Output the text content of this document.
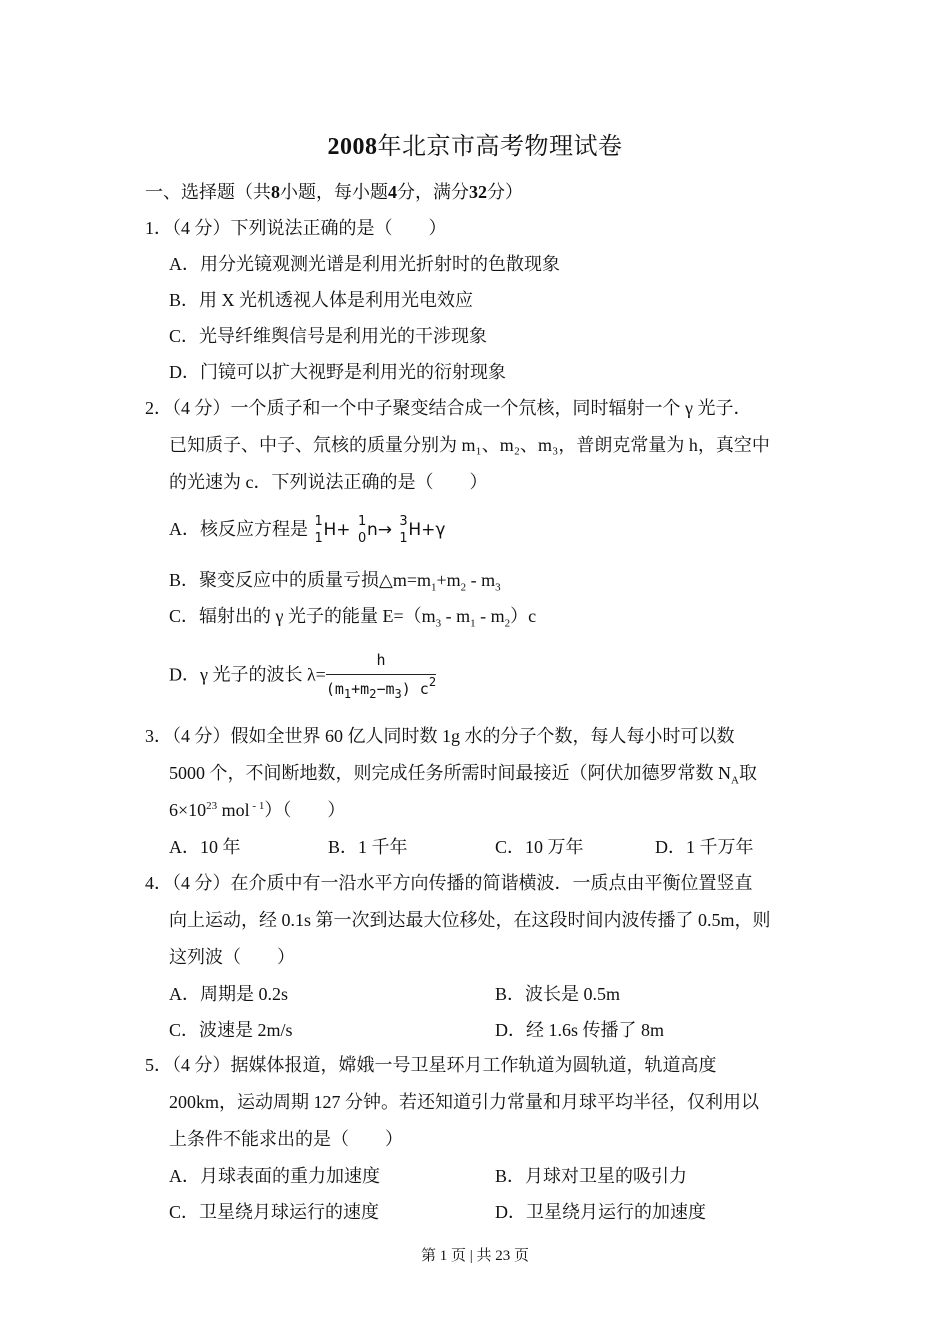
2008年北京市高考物理试卷
一、选择题（共8小题，每小题4分，满分32分）
1．（4 分）下列说法正确的是（　　）
A．用分光镜观测光谱是利用光折射时的色散现象
B．用 X 光机透视人体是利用光电效应
C．光导纤维舆信号是利用光的干涉现象
D．门镜可以扩大视野是利用光的衍射现象
2．（4 分）一个质子和一个中子聚变结合成一个氘核，同时辐射一个 γ 光子．
已知质子、中子、氘核的质量分别为 m₁、m₂、m₃，普朗克常量为 h，真空中
的光速为 c．下列说法正确的是（　　）
A．核反应方程是 1
1 H+ 1
0 n→ 3
1 H+γ
B．聚变反应中的质量亏损$\triangle m=m_1+m_2 - m_3$
C．辐射出的 γ 光子的能量 $E=(m_3 - m_1 - m_2)c$
D．γ 光子的波长 $\lambda= \frac{h}{(m_1+m_2-m_3) c^2}$
3．（4 分）假如全世界 60 亿人同时数 1g 水的分子个数，每人每小时可以数
5000 个，不间断地数，则完成任务所需时间最接近（阿伏加德罗常数 $N_A$取
$6\times 10^{23}$ mol $^{- 1}$）（　　）
A．10 年	B．1 千年	C．10 万年	D．1 千万年
4．（4 分）在介质中有一沿水平方向传播的简谐横波．一质点由平衡位置竖直
向上运动，经 0.1s 第一次到达最大位移处，在这段时间内波传播了 0.5m，则
这列波（　　）
A．周期是 0.2s	B．波长是 0.5m
C．波速是 2m/s	D．经 1.6s 传播了 8m
5．（4 分）据媒体报道，嫦娥一号卫星环月工作轨道为圆轨道，轨道高度
200km，运动周期 127 分钟。若还知道引力常量和月球平均半径，仅利用以
上条件不能求出的是（　　）
A．月球表面的重力加速度	B．月球对卫星的吸引力
C．卫星绕月球运行的速度	D．卫星绕月运行的加速度
第 1 页 | 共 23 页
